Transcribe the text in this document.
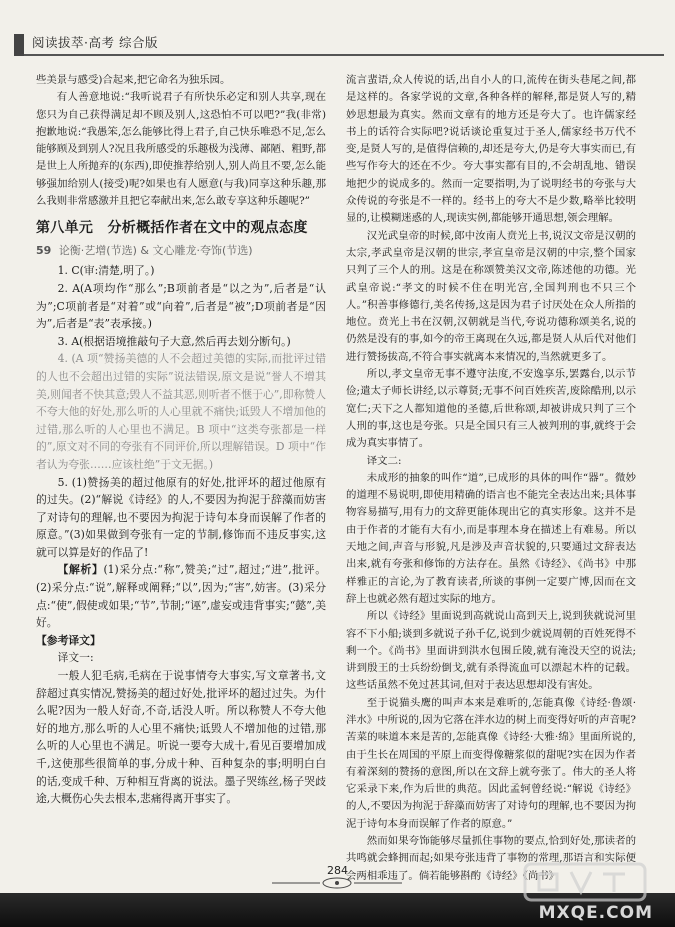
阅读拔萃·高考 综合版

些美景与感受)合起来,把它命名为独乐园。

有人善意地说:“我听说君子有所快乐必定和别人共享,现在您只为自己获得满足却不顾及别人,这恐怕不可以吧?”我(非常)抱歉地说:“我愚笨,怎么能够比得上君子,自己快乐唯恐不足,怎么能够顾及到别人?况且我所感受的乐趣极为浅薄、鄙陋、粗野,都是世上人所抛弃的(东西),即使推荐给别人,别人尚且不要,怎么能够强加给别人(接受)呢?如果也有人愿意(与我)同享这种乐趣,那么我则非常感激并且把它奉献出来,怎么敢专享这种乐趣呢?”

第八单元　分析概括作者在文中的观点态度
59 论衡·艺增(节选) & 文心雕龙·夸饰(节选)

1. C(审:清楚,明了。)

2. A(A项均作“那么”;B项前者是“以之为”,后者是“认为”;C项前者是“对着”或“向着”,后者是“被”;D项前者是“因为”,后者是“表”表承接。)

3. A(根据语境推敲句子大意,然后再去划分断句。)

4. (A 项“赞扬美德的人不会超过美德的实际,而批评过错的人也不会超出过错的实际”说法错误,原文是说“誉人不增其美,则闻者不快其意;毁人不益其恶,则听者不惬于心”,即称赞人不夸大他的好处,那么听的人心里就不痛快;诋毁人不增加他的过错,那么听的人心里也不满足。B 项中“这类夸张都是一样的”,原文对不同的夸张有不同评价,所以理解错误。D 项中“作者认为夸张……应该杜绝”于文无据。)

5. (1)赞扬美的超过他原有的好处,批评坏的超过他原有的过失。(2)“解说《诗经》的人,不要因为拘泥于辞藻而妨害了对诗句的理解,也不要因为拘泥于诗句本身而误解了作者的原意。”(3)如果做到夸张有一定的节制,修饰而不违反事实,这就可以算是好的作品了!

【解析】(1)采分点:“称”,赞美;“过”,超过;“进”,批评。(2)采分点:“说”,解释或阐释;“以”,因为;“害”,妨害。(3)采分点:“使”,假使或如果;“节”,节制;“诬”,虚妄或违背事实;“懿”,美好。

【参考译文】

译文一:

一般人犯毛病,毛病在于说事情夸大事实,写文章著书,文辞超过真实情况,赞扬美的超过好处,批评坏的超过过失。为什么呢?因为一般人好奇,不奇,话没人听。所以称赞人不夸大他好的地方,那么听的人心里不痛快;诋毁人不增加他的过错,那么听的人心里也不满足。听说一要夸大成十,看见百要增加成千,这使那些很简单的事,分成十种、百种复杂的事;明明白白的话,变成千种、万种相互背离的说法。墨子哭练丝,杨子哭歧途,大概伤心失去根本,悲痛得离开事实了。

流言蜚语,众人传说的话,出自小人的口,流传在街头巷尾之间,都是这样的。各家学说的文章,各种各样的解释,都是贤人写的,精妙思想最为真实。然而文章有的地方还是夸大了。也许儒家经书上的话符合实际吧?说话谈论重复过于圣人,儒家经书万代不变,是贤人写的,是值得信赖的,却还是夸大,仍是夸大事实而已,有些写作夸大的还在不少。夸大事实都有目的,不会胡乱地、错误地把少的说成多的。然而一定要指明,为了说明经书的夸张与大众传说的夸张是不一样的。经书上的夸大不是少数,略举比较明显的,让模糊迷惑的人,现读实例,都能够开通思想,领会理解。

汉光武皇帝的时候,郎中汝南人贲光上书,说汉文帝是汉朝的太宗,孝武皇帝是汉朝的世宗,孝宣皇帝是汉朝的中宗,整个国家只判了三个人的刑。这是在称颂赞美汉文帝,陈述他的功德。光武皇帝说:“孝文的时候不住在明光宫,全国判刑也不只三个人。”积善事修德行,美名传扬,这是因为君子讨厌处在众人所指的地位。贲光上书在汉朝,汉朝就是当代,夸说功德称颂美名,说的仍然是没有的事,如今的帝王离现在久远,都是贤人从后代对他们进行赞扬拔高,不符合事实就离本来情况的,当然就更多了。

所以,孝文皇帝无事不遵守法度,不安逸享乐,罢露台,以示节俭;遣太子师长讲经,以示尊贤;无事不问百姓疾苦,废除酷刑,以示宽仁;天下之人都知道他的圣德,后世称颂,却被讲成只判了三个人刑的事,这也是夸张。只是全国只有三人被判刑的事,就终于会成为真实事情了。

译文二:

未成形的抽象的叫作“道”,已成形的具体的叫作“器”。微妙的道理不易说明,即使用精确的语言也不能完全表达出来;具体事物容易描写,用有力的文辞更能体现出它的真实形象。这并不是由于作者的才能有大有小,而是事理本身在描述上有难易。所以天地之间,声音与形貌,凡是涉及声音状貌的,只要通过文辞表达出来,就有夸张和修饰的方法存在。虽然《诗经》、《尚书》中那样雅正的言论,为了教育读者,所谈的事例一定要广博,因而在文辞上也就必然有超过实际的地方。

所以《诗经》里面说到高就说山高到天上,说到狭就说河里容不下小船;谈到多就说子孙千亿,说到少就说周朝的百姓死得不剩一个。《尚书》里面讲到洪水包围丘陵,就有淹没天空的说法;讲到殷王的士兵纷纷倒戈,就有杀得流血可以漂起木杵的记载。这些话虽然不免过甚其词,但对于表达思想却没有害处。

至于说猫头鹰的叫声本来是难听的,怎能真像《诗经·鲁颂·泮水》中所说的,因为它落在泮水边的树上而变得好听的声音呢?苦菜的味道本来是苦的,怎能真像《诗经·大雅·绵》里面所说的,由于生长在周国的平原上而变得像糖浆似的甜呢?实在因为作者有着深刻的赞扬的意图,所以在文辞上就夸张了。伟大的圣人将它采录下来,作为后世的典范。因此孟轲曾经说:“解说《诗经》的人,不要因为拘泥于辞藻而妨害了对诗句的理解,也不要因为拘泥于诗句本身而误解了作者的原意。”

然而如果夸饰能够尽量抓住事物的要点,恰到好处,那读者的共鸣就会蜂拥而起;如果夸张违背了事物的常理,那语言和实际便会两相乖违了。倘若能够斟酌《诗经》《尚书》

284
MXQE.COM
